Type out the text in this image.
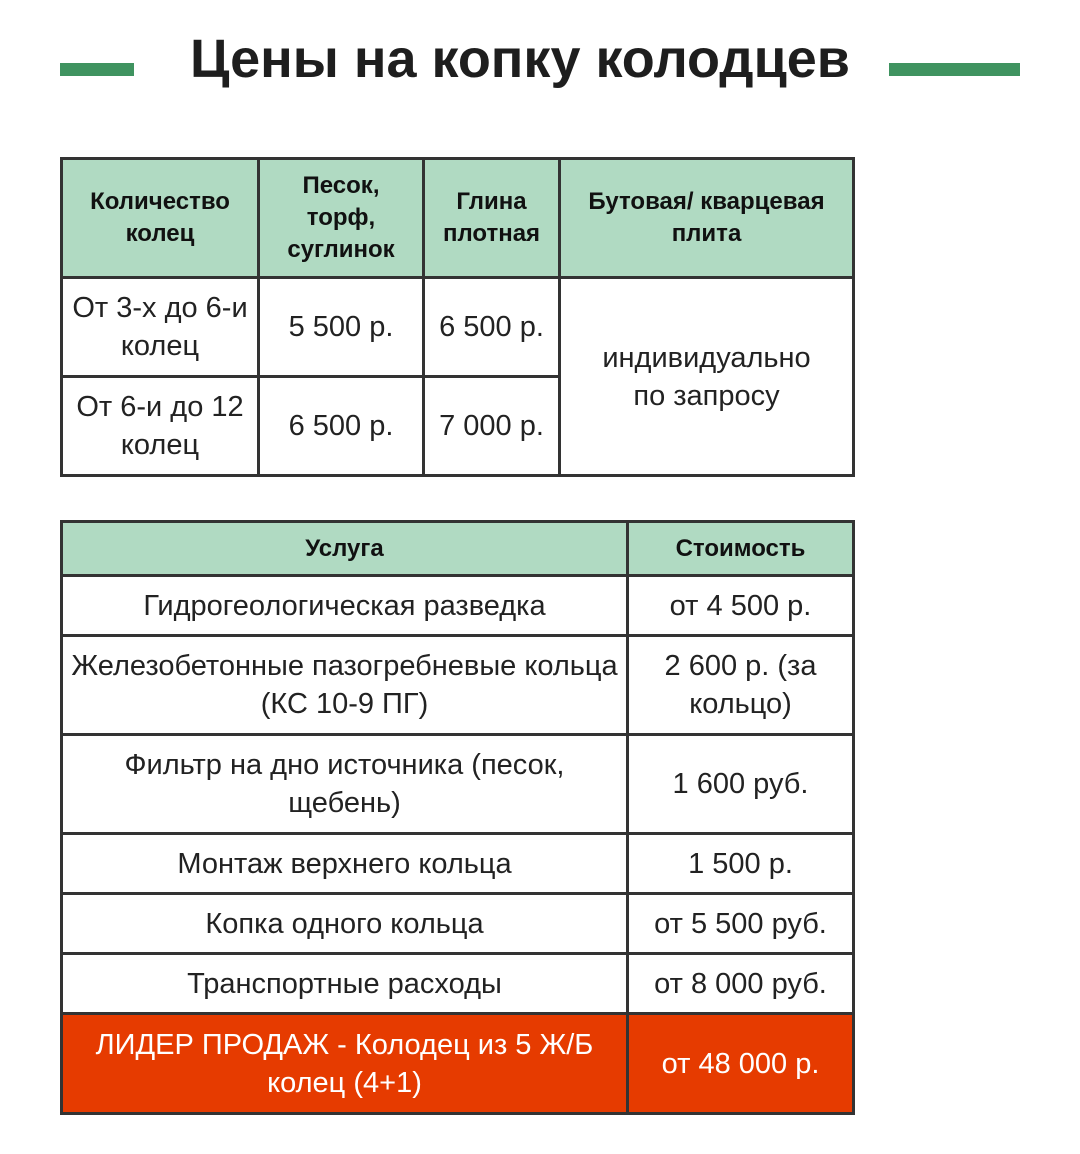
Цены на копку колодцев
Количество колец	Песок, торф, суглинок	Глина плотная	Бутовая/ кварцевая плита
От 3-х до 6-и колец	5 500 р.	6 500 р.	индивидуально по запросу
От 6-и до 12 колец	6 500 р.	7 000 р.	
Услуга	Стоимость
Гидрогеологическая разведка	от 4 500 р.
Железобетонные пазогребневые кольца (КС 10-9 ПГ)	2 600 р. (за кольцо)
Фильтр на дно источника (песок, щебень)	1 600 руб.
Монтаж верхнего кольца	1 500 р.
Копка одного кольца	от 5 500 руб.
Транспортные расходы	от 8 000 руб.
ЛИДЕР ПРОДАЖ - Колодец из 5 Ж/Б колец (4+1)	от 48 000 р.
